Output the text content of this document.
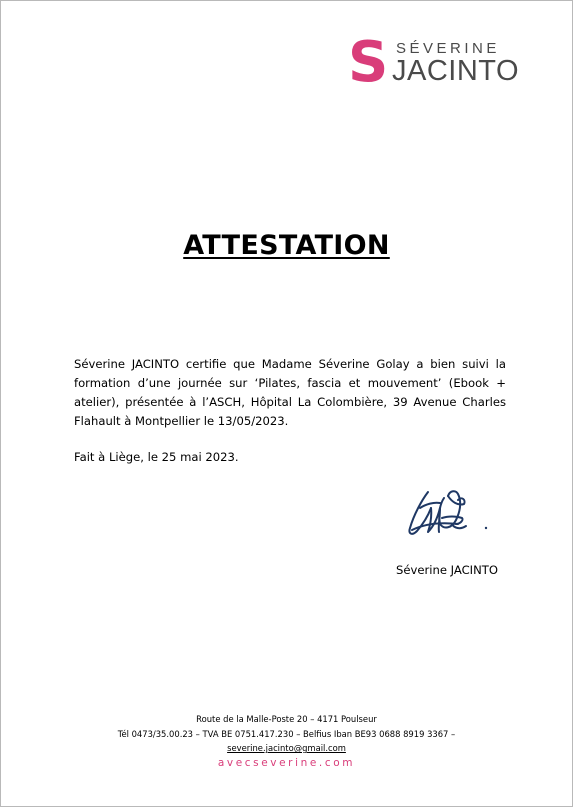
S SÉVERINE
JACINTO
ATTESTATION

Séverine JACINTO certifie que Madame Séverine Golay a bien suivi la formation d’une journée sur ‘Pilates, fascia et mouvement’ (Ebook + atelier), présentée à l’ASCH, Hôpital La Colombière, 39 Avenue Charles Flahault à Montpellier le 13/05/2023.

Fait à Liège, le 25 mai 2023.

Séverine JACINTO
Route de la Malle-Poste 20 – 4171 Poulseur
Tél 0473/35.00.23 – TVA BE 0751.417.230 – Belfius Iban BE93 0688 8919 3367 –
severine.jacinto@gmail.com
avecseverine.com
